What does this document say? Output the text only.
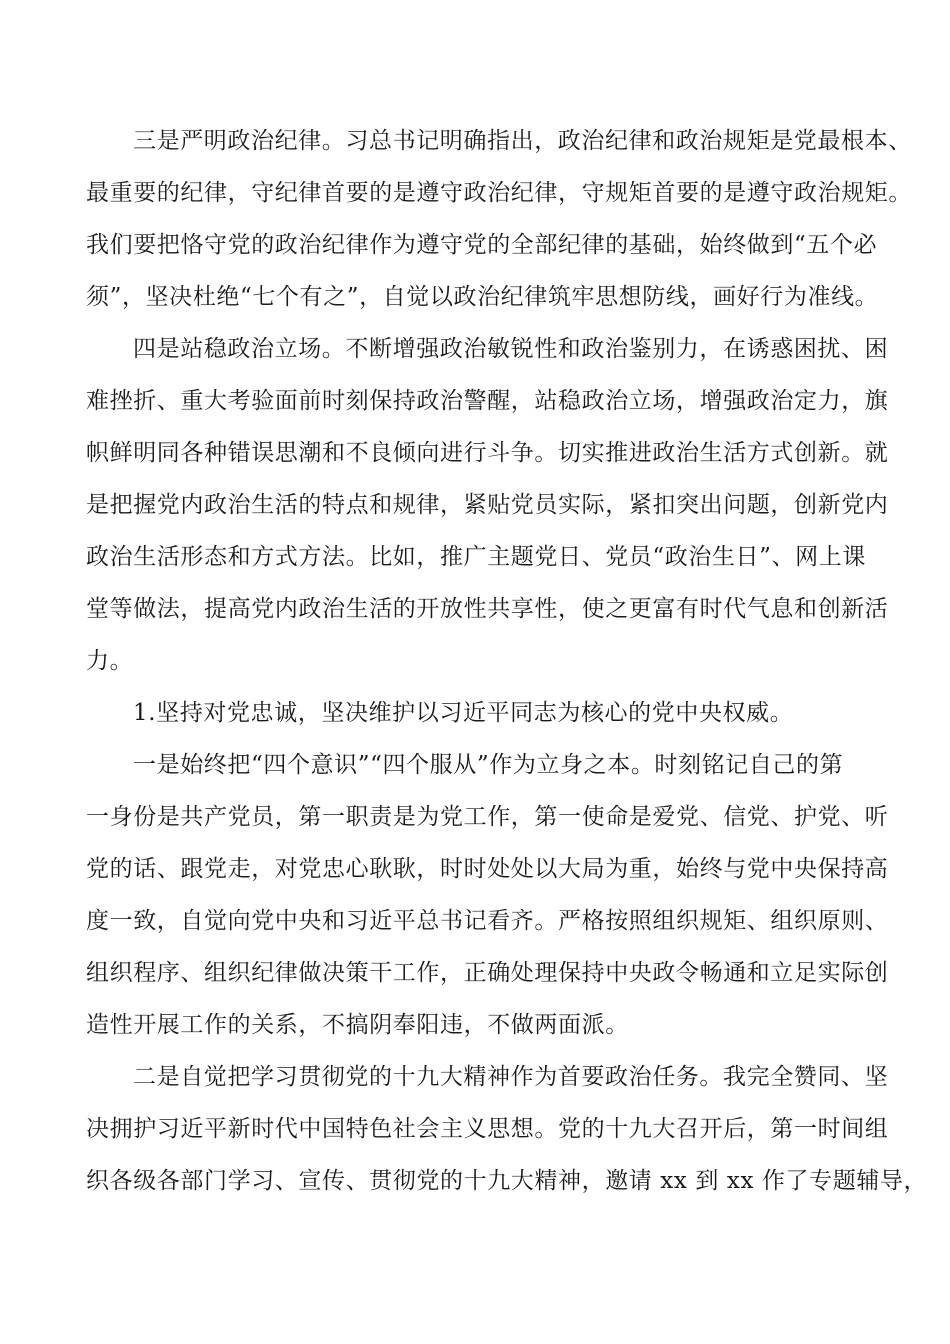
三是严明政治纪律。习总书记明确指出，政治纪律和政治规矩是党最根本、
最重要的纪律，守纪律首要的是遵守政治纪律，守规矩首要的是遵守政治规矩。
我们要把恪守党的政治纪律作为遵守党的全部纪律的基础，始终做到“五个必
须”，坚决杜绝“七个有之”，自觉以政治纪律筑牢思想防线，画好行为准线。
四是站稳政治立场。不断增强政治敏锐性和政治鉴别力，在诱惑困扰、困
难挫折、重大考验面前时刻保持政治警醒，站稳政治立场，增强政治定力，旗
帜鲜明同各种错误思潮和不良倾向进行斗争。切实推进政治生活方式创新。就
是把握党内政治生活的特点和规律，紧贴党员实际，紧扣突出问题，创新党内
政治生活形态和方式方法。比如，推广主题党日、党员“政治生日”、网上课
堂等做法，提高党内政治生活的开放性共享性，使之更富有时代气息和创新活
力。
1.坚持对党忠诚，坚决维护以习近平同志为核心的党中央权威。
一是始终把“四个意识”“四个服从”作为立身之本。时刻铭记自己的第
一身份是共产党员，第一职责是为党工作，第一使命是爱党、信党、护党、听
党的话、跟党走，对党忠心耿耿，时时处处以大局为重，始终与党中央保持高
度一致，自觉向党中央和习近平总书记看齐。严格按照组织规矩、组织原则、
组织程序、组织纪律做决策干工作，正确处理保持中央政令畅通和立足实际创
造性开展工作的关系，不搞阴奉阳违，不做两面派。
二是自觉把学习贯彻党的十九大精神作为首要政治任务。我完全赞同、坚
决拥护习近平新时代中国特色社会主义思想。党的十九大召开后，第一时间组
织各级各部门学习、宣传、贯彻党的十九大精神，邀请 xx 到 xx 作了专题辅导，
